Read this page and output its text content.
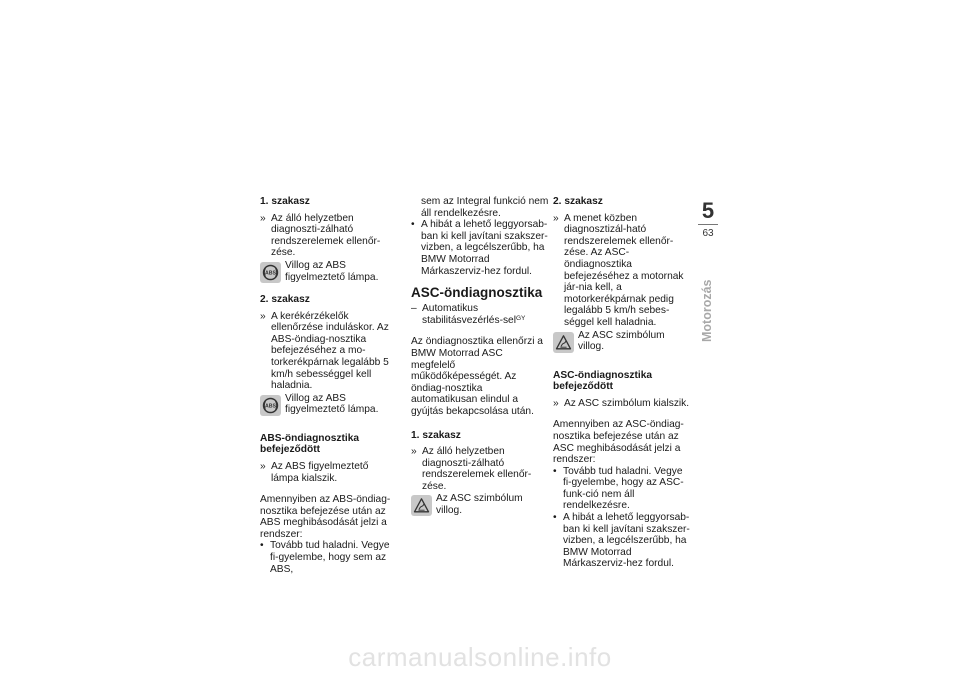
1. szakasz
» Az álló helyzetben diagnoszti-zálható rendszerelemek ellenőr-zése.
ABS
Villog az ABS figyelmeztető lámpa.
2. szakasz
» A kerékérzékelők ellenőrzése induláskor. Az ABS-öndiag-nosztika befejezéséhez a mo-torkerékpárnak legalább 5 km/h sebességgel kell haladnia.
ABS
Villog az ABS figyelmeztető lámpa.
ABS-öndiagnosztika befejeződött
» Az ABS figyelmeztető lámpa kialszik.
Amennyiben az ABS-öndiag-nosztika befejezése után az ABS meghibásodását jelzi a rendszer:
• Tovább tud haladni. Vegye fi-gyelembe, hogy sem az ABS,
sem az Integral funkció nem áll rendelkezésre.
• A hibát a lehető leggyorsab-ban ki kell javítani szakszer-vizben, a legcélszerűbb, ha BMW Motorrad Márkaszerviz-hez fordul.
ASC-öndiagnosztika
– Automatikus stabilitásvezérlés-sel$^{GY}$
Az öndiagnosztika ellenőrzi a BMW Motorrad ASC megfelelő működőképességét. Az öndiag-nosztika automatikusan elindul a gyújtás bekapcsolása után.
1. szakasz
» Az álló helyzetben diagnoszti-zálható rendszerelemek ellenőr-zése.
Az ASC szimbólum villog.
2. szakasz
» A menet közben diagnosztizál-ható rendszerelemek ellenőr-zése. Az ASC-öndiagnosztika befejezéséhez a motornak jár-nia kell, a motorkerékpárnak pedig legalább 5 km/h sebes-séggel kell haladnia.
Az ASC szimbólum villog.
ASC-öndiagnosztika befejeződött
» Az ASC szimbólum kialszik.
Amennyiben az ASC-öndiag-nosztika befejezése után az ASC meghibásodását jelzi a rendszer:
• Tovább tud haladni. Vegye fi-gyelembe, hogy az ASC-funk-ció nem áll rendelkezésre.
• A hibát a lehető leggyorsab-ban ki kell javítani szakszer-vizben, a legcélszerűbb, ha BMW Motorrad Márkaszerviz-hez fordul.
5
63
Motorozás
carmanualsonline.info
